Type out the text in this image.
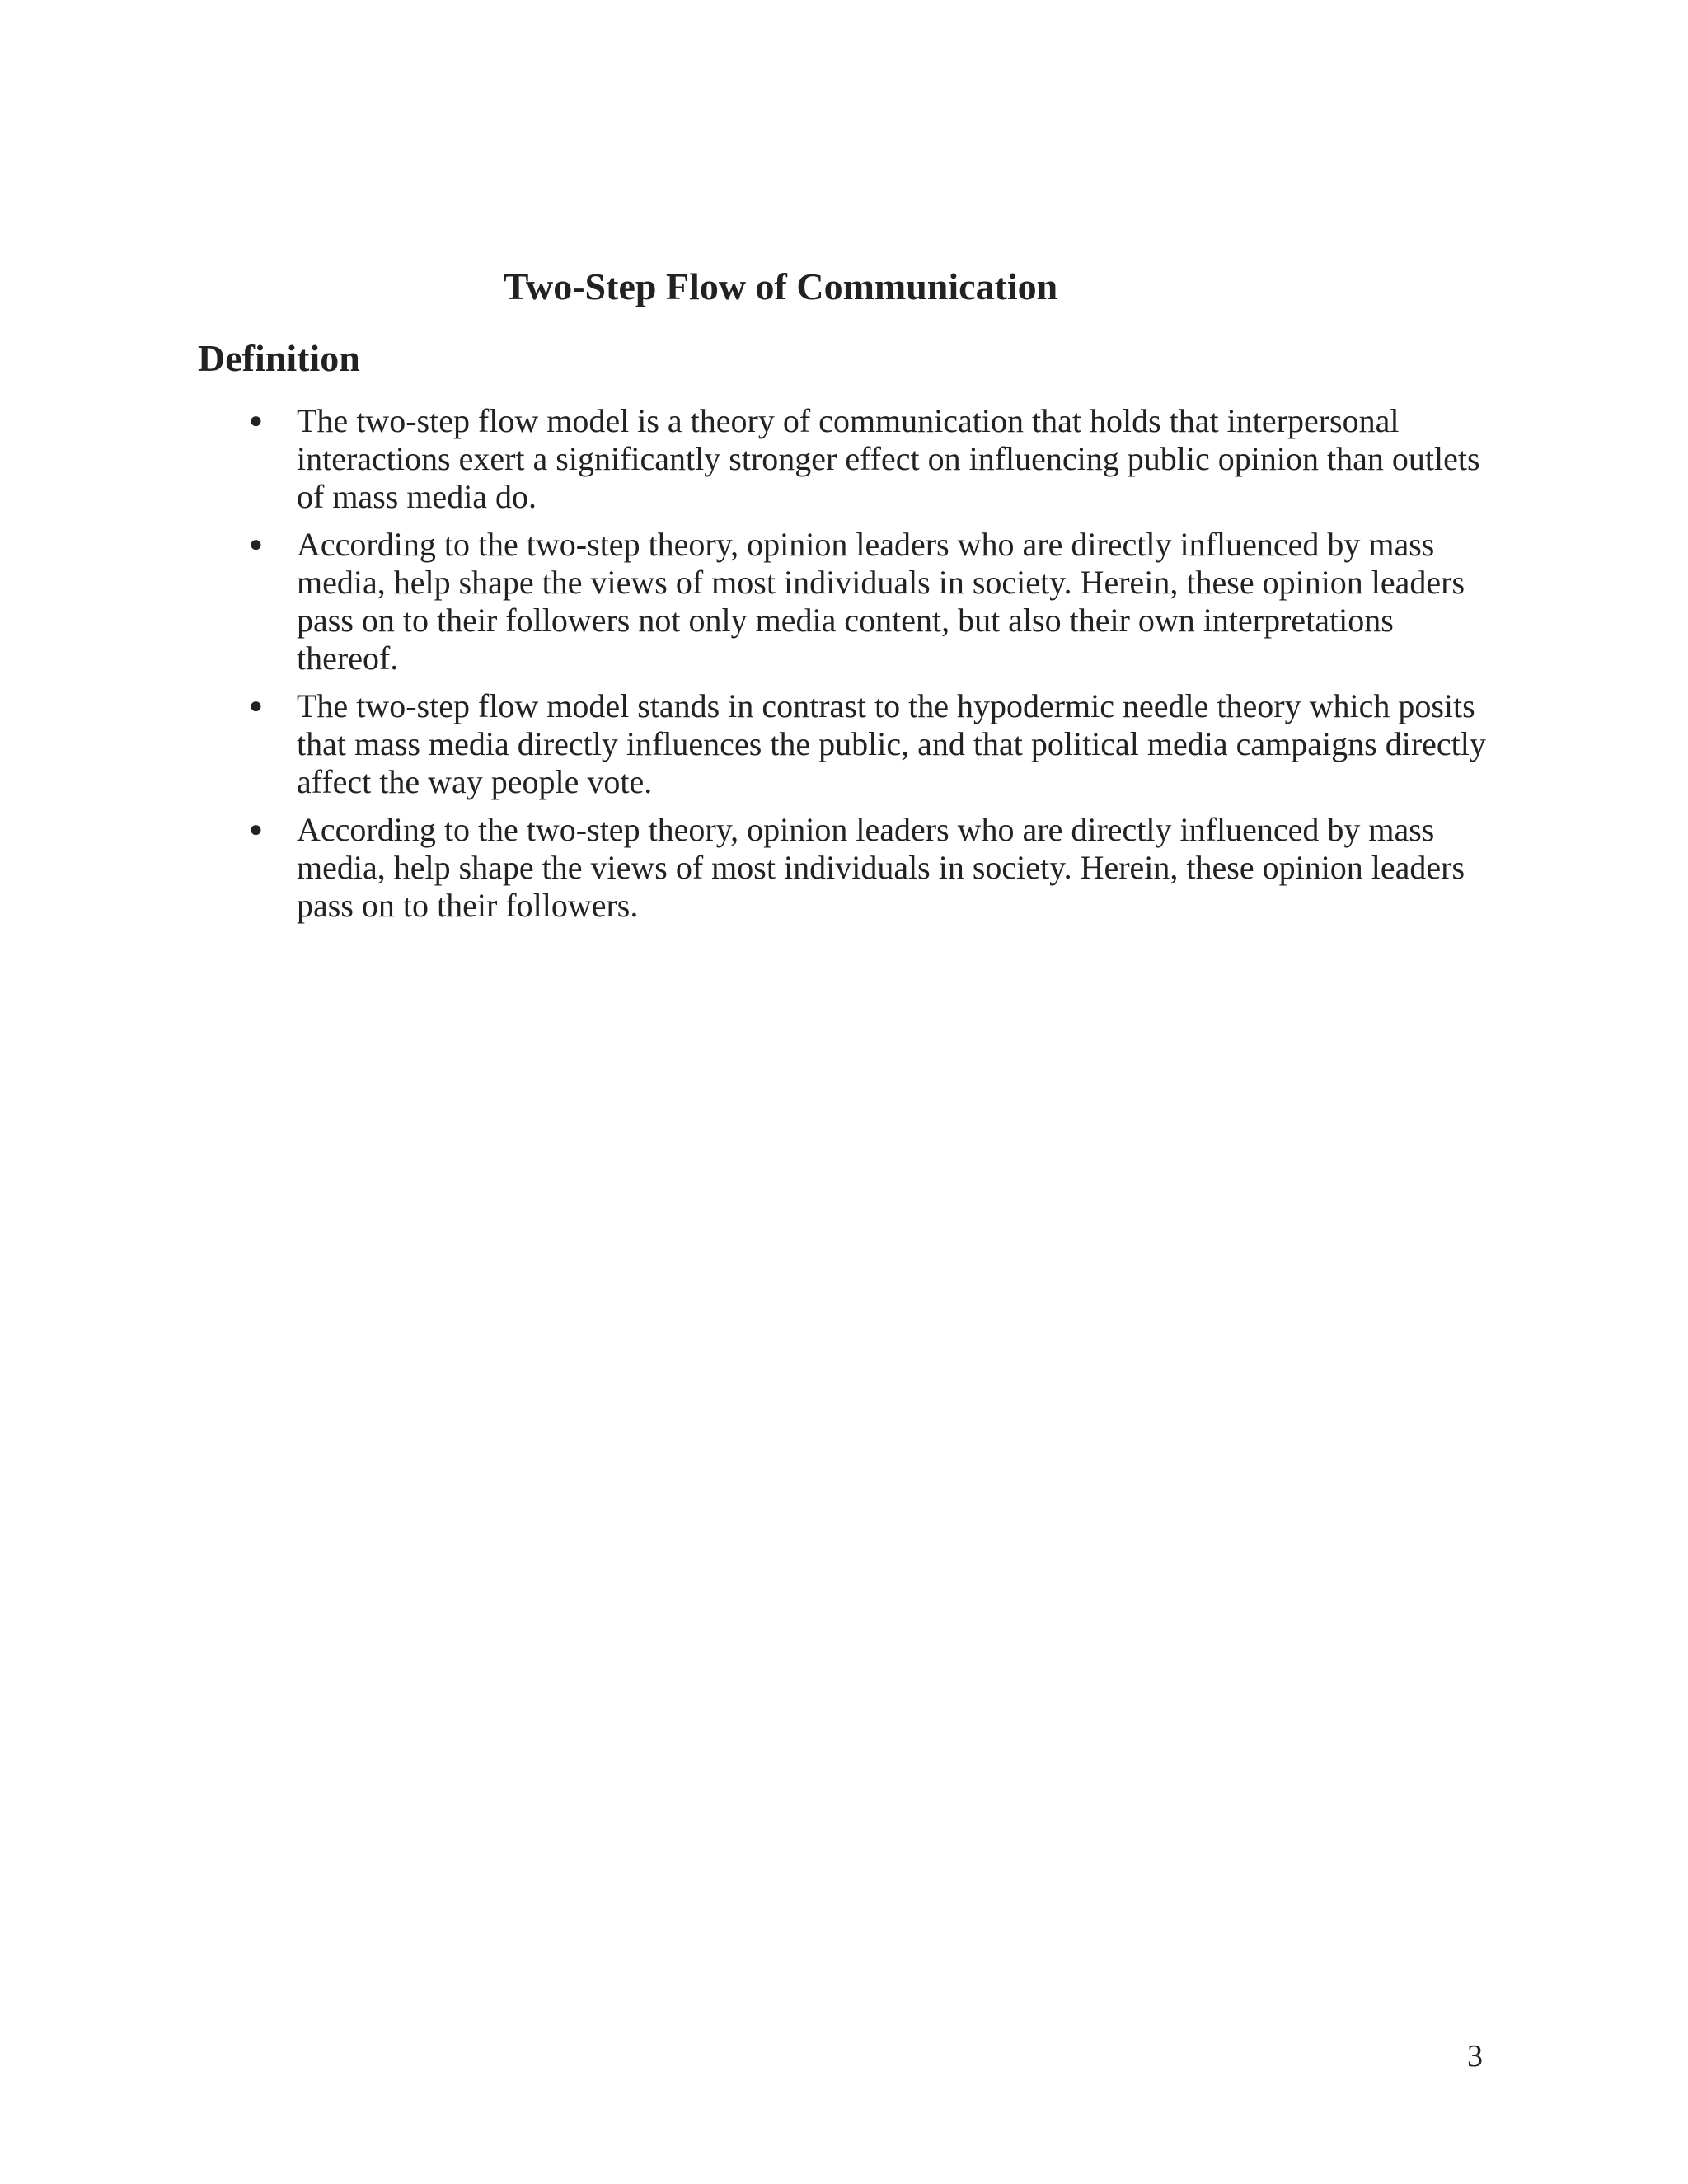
Two-Step Flow of Communication
Definition
● The two-step flow model is a theory of communication that holds that interpersonal interactions exert a significantly stronger effect on influencing public opinion than outlets of mass media do.
● According to the two-step theory, opinion leaders who are directly influenced by mass media, help shape the views of most individuals in society. Herein, these opinion leaders pass on to their followers not only media content, but also their own interpretations thereof.
● The two-step flow model stands in contrast to the hypodermic needle theory which posits that mass media directly influences the public, and that political media campaigns directly affect the way people vote.
● According to the two-step theory, opinion leaders who are directly influenced by mass media, help shape the views of most individuals in society. Herein, these opinion leaders pass on to their followers.
3
